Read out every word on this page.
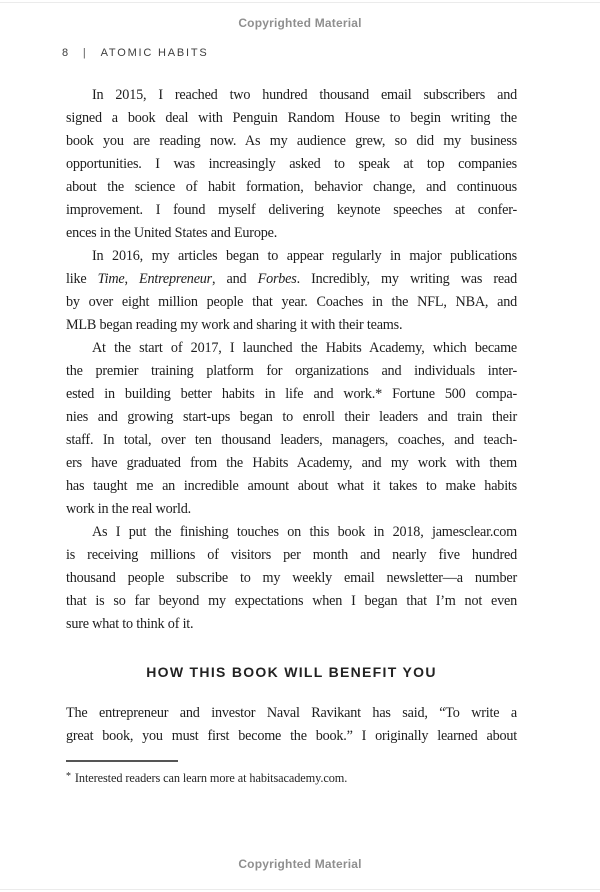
Copyrighted Material
8 | ATOMIC HABITS
In 2015, I reached two hundred thousand email subscribers and
signed a book deal with Penguin Random House to begin writing the
book you are reading now. As my audience grew, so did my business
opportunities. I was increasingly asked to speak at top companies
about the science of habit formation, behavior change, and continuous
improvement. I found myself delivering keynote speeches at confer-
ences in the United States and Europe.
In 2016, my articles began to appear regularly in major publications
like Time, Entrepreneur, and Forbes. Incredibly, my writing was read
by over eight million people that year. Coaches in the NFL, NBA, and
MLB began reading my work and sharing it with their teams.
At the start of 2017, I launched the Habits Academy, which became
the premier training platform for organizations and individuals inter-
ested in building better habits in life and work.* Fortune 500 compa-
nies and growing start-ups began to enroll their leaders and train their
staff. In total, over ten thousand leaders, managers, coaches, and teach-
ers have graduated from the Habits Academy, and my work with them
has taught me an incredible amount about what it takes to make habits
work in the real world.
As I put the finishing touches on this book in 2018, jamesclear.com
is receiving millions of visitors per month and nearly five hundred
thousand people subscribe to my weekly email newsletter—a number
that is so far beyond my expectations when I began that I’m not even
sure what to think of it.
HOW THIS BOOK WILL BENEFIT YOU
The entrepreneur and investor Naval Ravikant has said, “To write a
great book, you must first become the book.” I originally learned about
* Interested readers can learn more at habitsacademy.com.
Copyrighted Material
